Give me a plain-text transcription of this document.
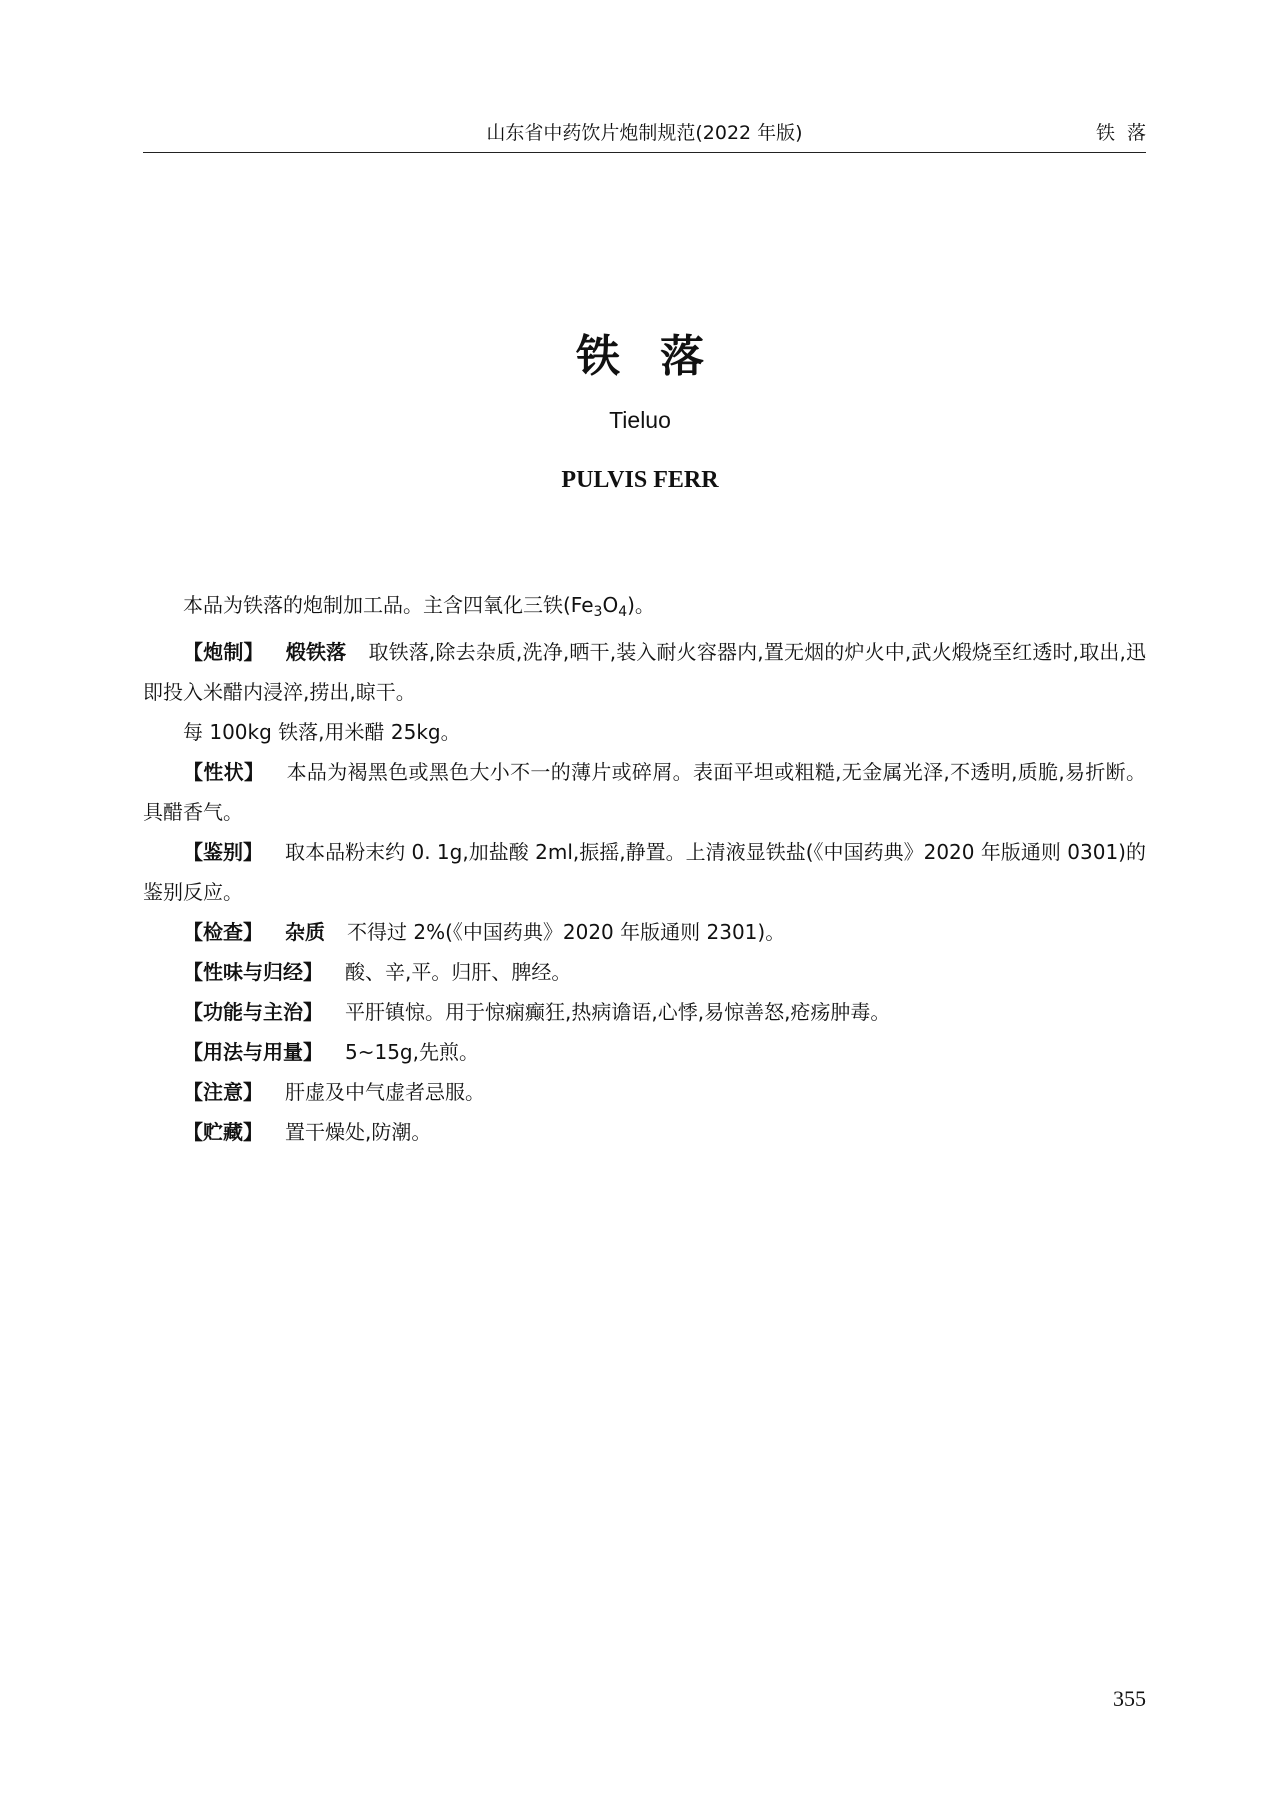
山东省中药饮片炮制规范(2022 年版)	铁落
铁落
Tieluo
PULVIS FERR

本品为铁落的炮制加工品。主含四氧化三铁$(Fe_3O_4)$。

【炮制】 煅铁落 取铁落,除去杂质,洗净,晒干,装入耐火容器内,置无烟的炉火中,武火煅烧至红透时,取出,迅即投入米醋内浸淬,捞出,晾干。

每 100kg 铁落,用米醋 25kg。

【性状】 本品为褐黑色或黑色大小不一的薄片或碎屑。表面平坦或粗糙,无金属光泽,不透明,质脆,易折断。具醋香气。

【鉴别】 取本品粉末约 0. 1g,加盐酸 2ml,振摇,静置。上清液显铁盐(《中国药典》2020 年版通则 0301)的鉴别反应。

【检查】 杂质 不得过 2%(《中国药典》2020 年版通则 2301)。

【性味与归经】 酸、辛,平。归肝、脾经。

【功能与主治】 平肝镇惊。用于惊痫癫狂,热病谵语,心悸,易惊善怒,疮疡肿毒。

【用法与用量】 5~15g,先煎。

【注意】 肝虚及中气虚者忌服。

【贮藏】 置干燥处,防潮。

355
